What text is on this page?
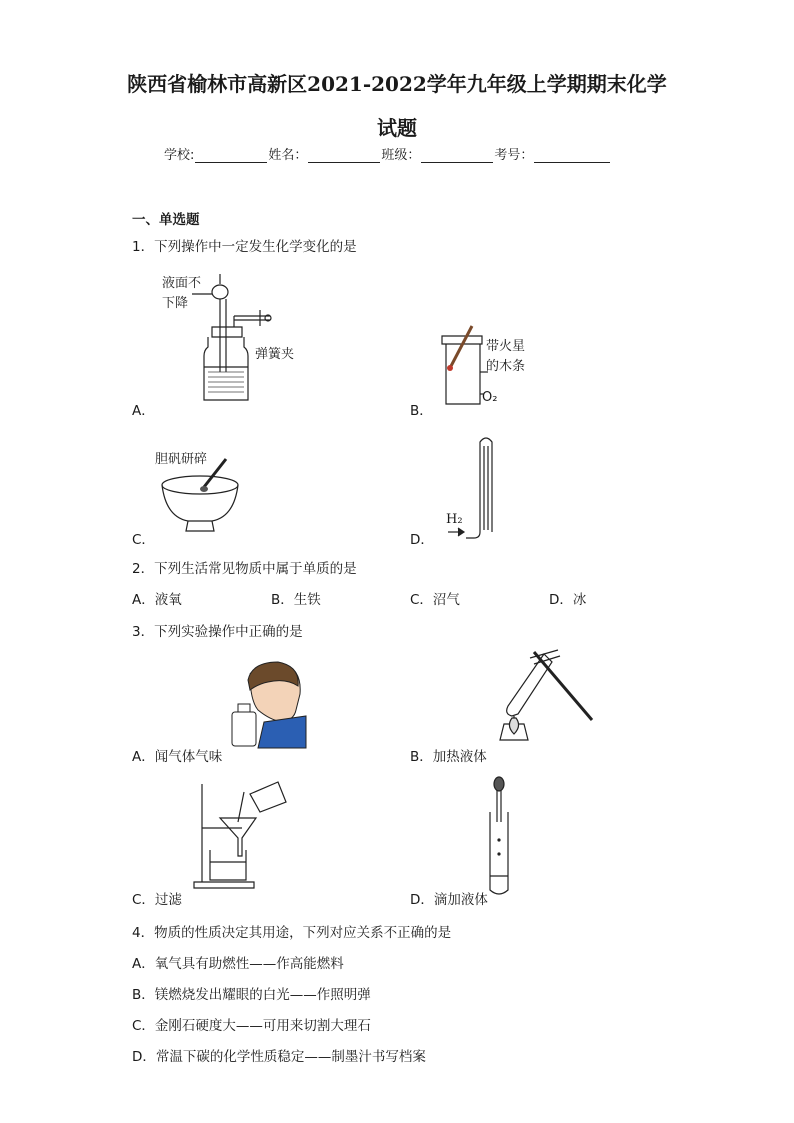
陕西省榆林市高新区2021-2022学年九年级上学期期末化学
试题
学校:	姓名：	班级：	考号：
一、单选题
1．下列操作中一定发生化学变化的是
液面不
下降
弹簧夹
A．
带火星
的木条
O₂
B．
胆矾研碎
C．
H₂
D．
2．下列生活常见物质中属于单质的是
A．液氧	B．生铁	C．沼气	D．冰
3．下列实验操作中正确的是
A．闻气体气味	B．加热液体
C．过滤	D．滴加液体
4．物质的性质决定其用途，下列对应关系不正确的是
A．氧气具有助燃性——作高能燃料
B．镁燃烧发出耀眼的白光——作照明弹
C．金刚石硬度大——可用来切割大理石
D．常温下碳的化学性质稳定——制墨汁书写档案
